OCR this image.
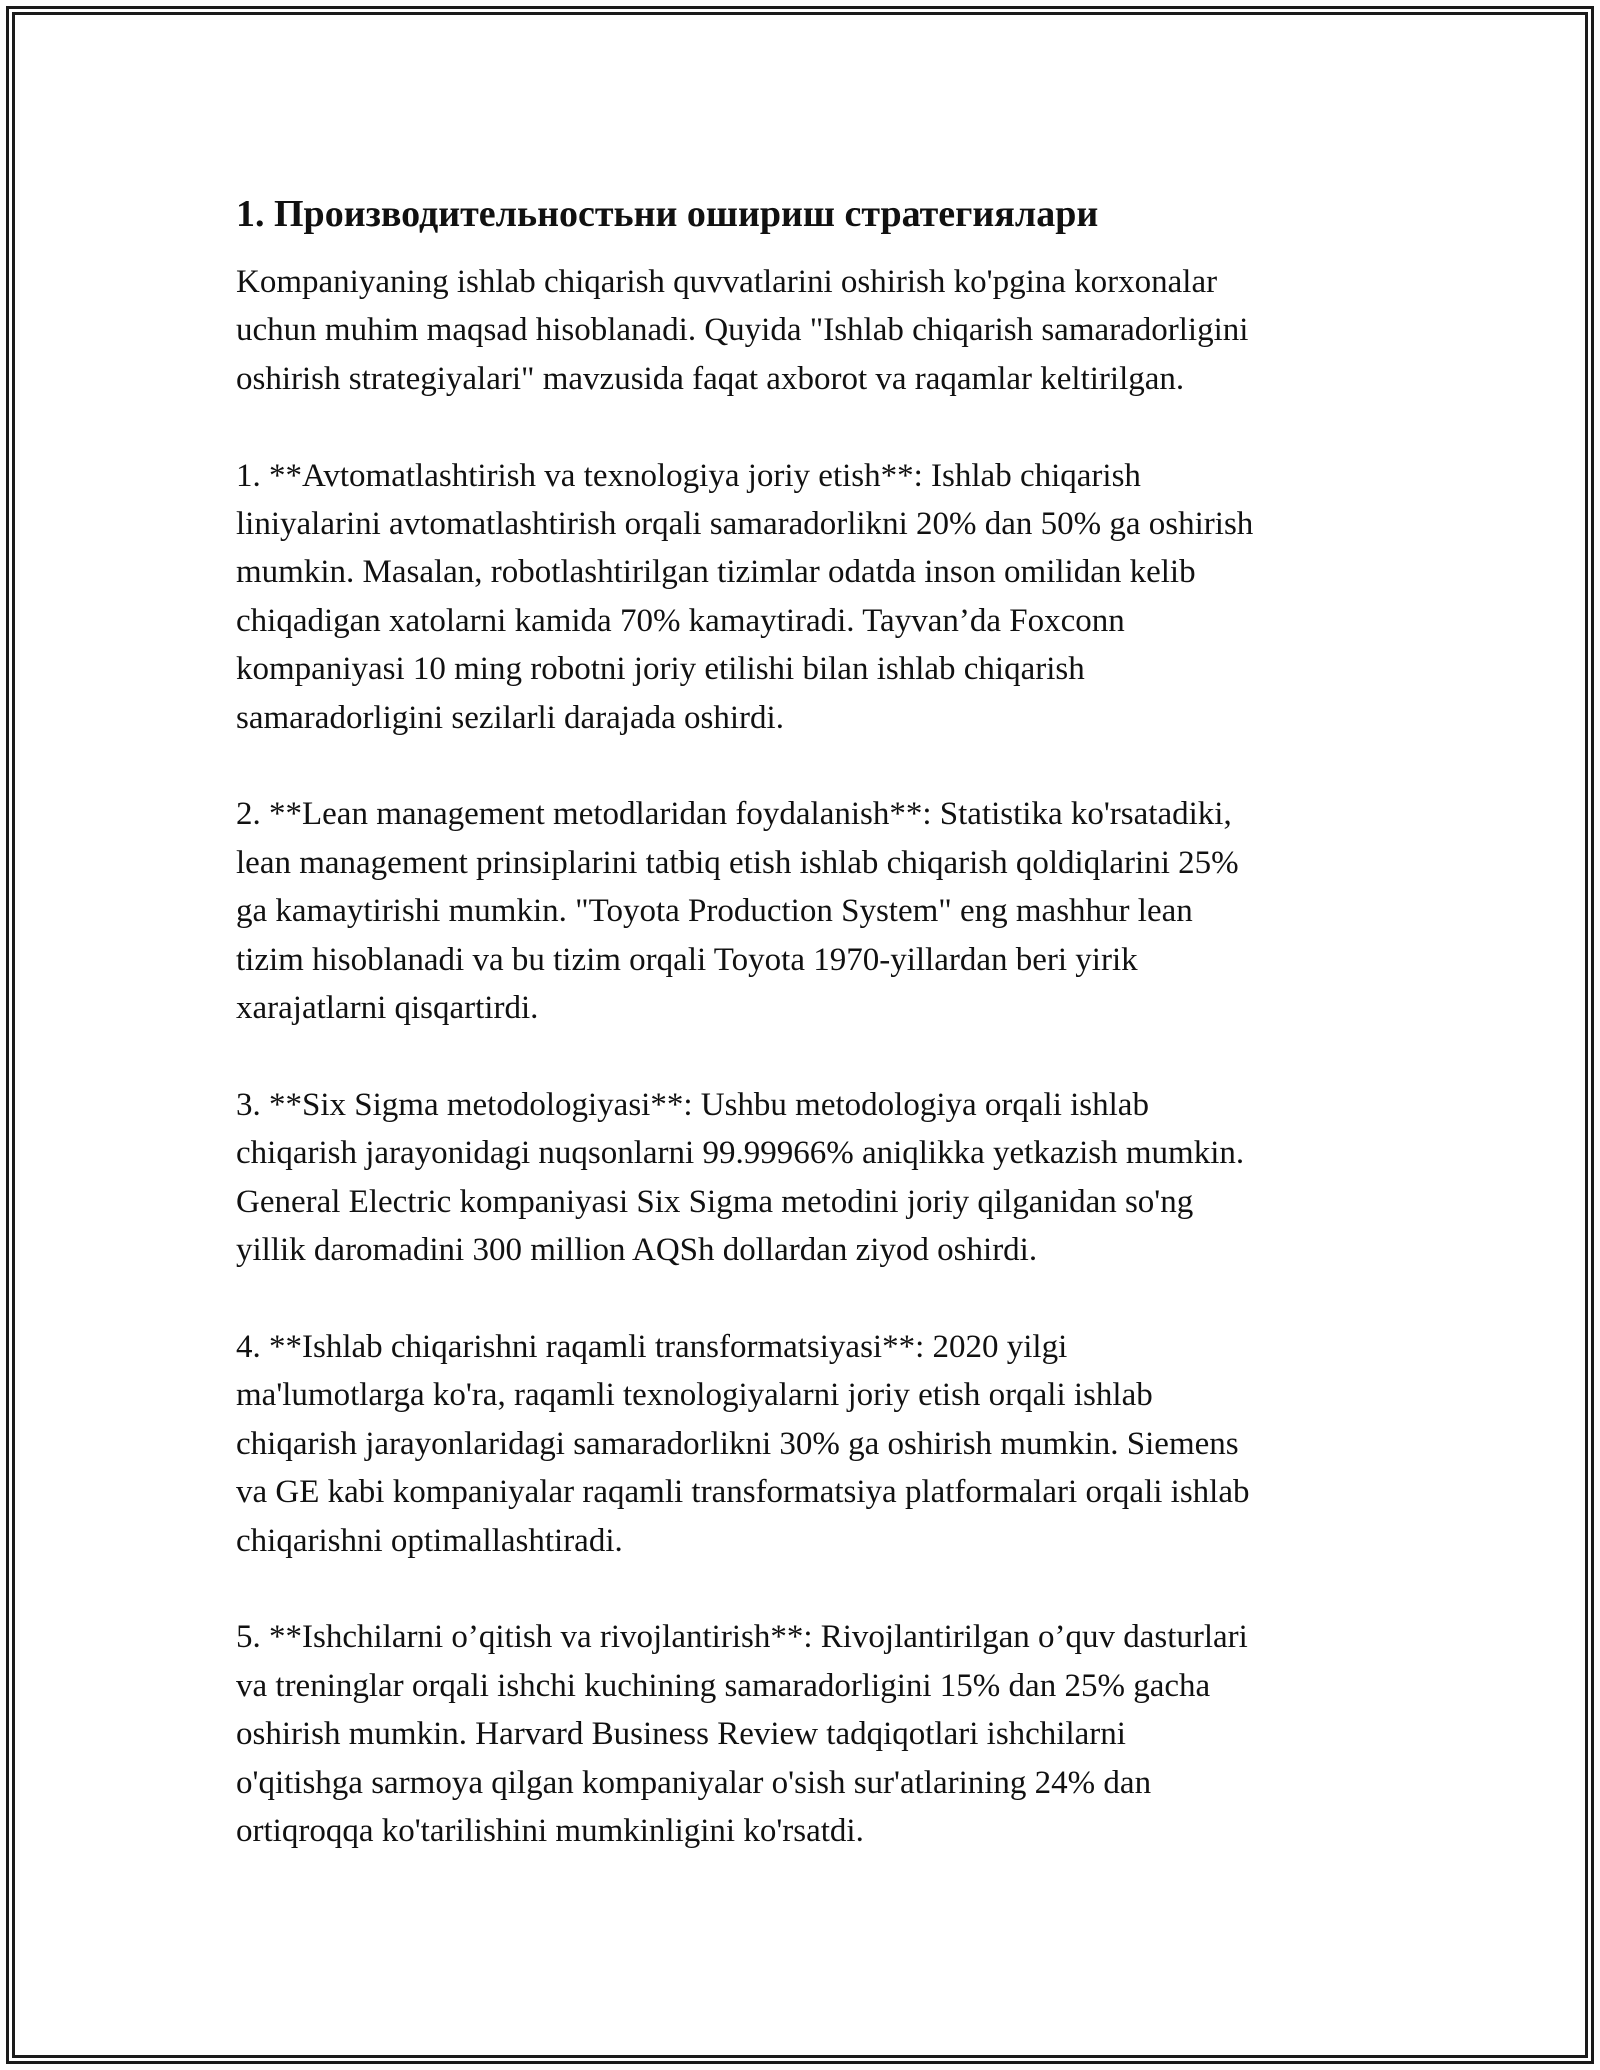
1. Производительностьни ошириш стратегиялари

Kompaniyaning ishlab chiqarish quvvatlarini oshirish ko'pgina korxonalar
uchun muhim maqsad hisoblanadi. Quyida "Ishlab chiqarish samaradorligini
oshirish strategiyalari" mavzusida faqat axborot va raqamlar keltirilgan.

1. **Avtomatlashtirish va texnologiya joriy etish**: Ishlab chiqarish
liniyalarini avtomatlashtirish orqali samaradorlikni 20% dan 50% ga oshirish
mumkin. Masalan, robotlashtirilgan tizimlar odatda inson omilidan kelib
chiqadigan xatolarni kamida 70% kamaytiradi. Tayvan’da Foxconn
kompaniyasi 10 ming robotni joriy etilishi bilan ishlab chiqarish
samaradorligini sezilarli darajada oshirdi.

2. **Lean management metodlaridan foydalanish**: Statistika ko'rsatadiki,
lean management prinsiplarini tatbiq etish ishlab chiqarish qoldiqlarini 25%
ga kamaytirishi mumkin. "Toyota Production System" eng mashhur lean
tizim hisoblanadi va bu tizim orqali Toyota 1970-yillardan beri yirik
xarajatlarni qisqartirdi.

3. **Six Sigma metodologiyasi**: Ushbu metodologiya orqali ishlab
chiqarish jarayonidagi nuqsonlarni 99.99966% aniqlikka yetkazish mumkin.
General Electric kompaniyasi Six Sigma metodini joriy qilganidan so'ng
yillik daromadini 300 million AQSh dollardan ziyod oshirdi.

4. **Ishlab chiqarishni raqamli transformatsiyasi**: 2020 yilgi
ma'lumotlarga ko'ra, raqamli texnologiyalarni joriy etish orqali ishlab
chiqarish jarayonlaridagi samaradorlikni 30% ga oshirish mumkin. Siemens
va GE kabi kompaniyalar raqamli transformatsiya platformalari orqali ishlab
chiqarishni optimallashtiradi.

5. **Ishchilarni o’qitish va rivojlantirish**: Rivojlantirilgan o’quv dasturlari
va treninglar orqali ishchi kuchining samaradorligini 15% dan 25% gacha
oshirish mumkin. Harvard Business Review tadqiqotlari ishchilarni
o'qitishga sarmoya qilgan kompaniyalar o'sish sur'atlarining 24% dan
ortiqroqqa ko'tarilishini mumkinligini ko'rsatdi.
